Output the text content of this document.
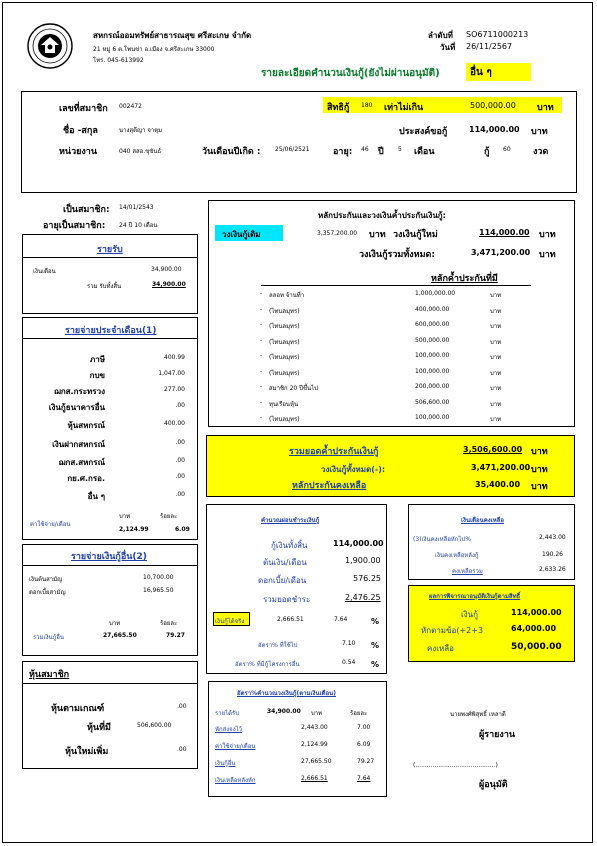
สหกรณ์ออมทรัพย์สาธารณสุข ศรีสะเกษ จำกัด
21 หมู่ 6 ต.โพนข่า อ.เมือง จ.ศรีสะเกษ 33000
โทร. 045-613992
ลำดับที่ SO6711000213
วันที่ 26/11/2567
รายละเอียดคำนวนเงินกู้(ยังไม่ผ่านอนุมัติ)	อื่น ๆ
เลขที่สมาชิก 002472
ชื่อ -สกุล	นางสุดีญา จาตุม
หน่วยงาน	040 สสอ.ขุขันธ์	วันเดือนปีเกิด : 25/06/2521	อายุ: 46 ปี 5 เดือน	กู้ 60 งวด
สิทธิกู้ 180 เท่าไม่เกิน	500,000.00 บาท
ประสงค์ขอกู้	114,000.00 บาท
เป็นสมาชิก: 14/01/2543
อายุเป็นสมาชิก: 24 ปี 10 เดือน
หลักประกันและวงเงินค้ำประกันเงินกู้:
วงเงินกู้เดิม	3,357,200.00 บาท วงเงินกู้ใหม่	114,000.00 บาท
วงเงินกู้รวมทั้งหมด:	3,471,200.00 บาท
หลักค้ำประกันที่มี
- ลลอท จ้านที่า	1,000,000.00	บาท
- (ไทนลมุทร)	400,000.00	บาท
- (ไทนลมุทร)	600,000.00	บาท
- (ไทนลมุทร)	500,000.00	บาท
- (ไทนลมุทร)	100,000.00	บาท
- (ไทนลมุทร)	100,000.00	บาท
- สมาชิก 20 ปีขึ้นไป	200,000.00	บาท
- ทุนเรือนหุ้น	506,600.00	บาท
- (ไทนลมุทร)	100,000.00	บาท
รายรับ
เงินเดือน	34,900.00
รวม รับทั้งสิ้น	34,900.00
รายจ่ายประจำเดือน(1)
ภาษี	400.99
กบข	1,047.00
ฌกส.กระทรวง	277.00
เงินกู้ธนาคารอื่น	.00
หุ้นสหกรณ์	400.00
เงินฝากสหกรณ์	.00
ฌกส.สหกรณ์	.00
กย.ศ.กรอ.	.00
อื่น ๆ	.00
ค่าใช้จ่าย/เดือน
บาท	ร้อยละ
2,124.99	6.09
รายจ่ายเงินกู้อื่น(2)
เงินต้นสามัญ	10,700.00
ดอกเบี้ยสามัญ	16,965.50
บาท	ร้อยละ
รวมเงินกู้อื่น	27,665.50	79.27
หุ้นสมาชิก
หุ้นตามเกณฑ์	.00
หุ้นที่มี	506,600.00
หุ้นใหม่เพิ่ม	.00
รวมยอดค้ำประกันเงินกู้	3,506,600.00 บาท
วงเงินกู้ทั้งหมด(-):	3,471,200.00 บาท
หลักประกันคงเหลือ	35,400.00 บาท
คำนวณผ่อนชำระเงินกู้
กู้เงินทั้งสิ้น	114,000.00
ต้นเงิน/เดือน	1,900.00
ดอกเบี้ย/เดือน	576.25
รวมยอดชำระ	2,476.25
เงินกู้ได้จริง	2,666.51	7.64	%
อัตรา% ที่ใช้ไป	7.10 %
อัตรา% ที่มีกู้โครงการอื่น	0.54 %
เงินเดือนคงเหลือ
(3)เงินคงเหลือหักไป%	2,443.00
เงินคงเหลือหลังกู้	190.26
คงเหลือรวม	2,633.26
ผลการพิจารณาอนุมัติเงินกู้ตามสิทธิ์
เงินกู้	114,000.00
หักตามข้อ(+2+3	64,000.00
คงเหลือ	50,000.00
อัตรา%คำนวณวงเงินกู้(ตามเงินเดือน)
รายได้รับ	34,900.00 บาท	ร้อยละ
หักส่งจงไว้	2,443.00	7.00
ค่าใช้จ่าย/เดือน	2,124.99	6.09
เงินกู้อื่น	27,665.50	79.27
เงินเหลือหลังหัก	2,666.51	7.64
นายพงศ์พิสุทธิ์ เหลาดี
ผู้รายงาน
(..........................................)
ผู้อนุมัติ
